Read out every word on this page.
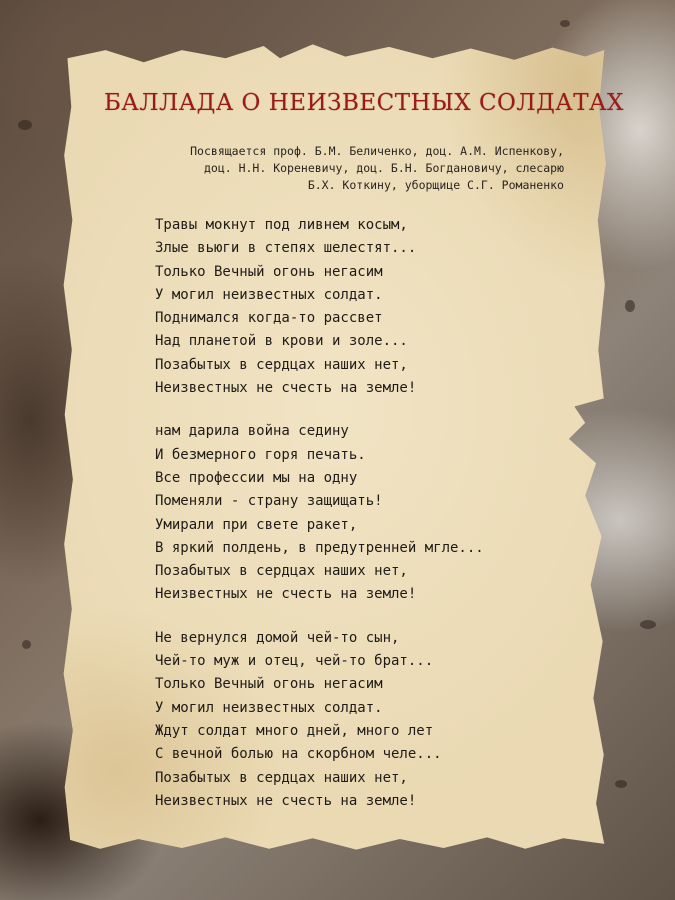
БАЛЛАДА О НЕИЗВЕСТНЫХ СОЛДАТАХ
Посвящается проф. Б.М. Беличенко, доц. А.М. Испенкову,
доц. Н.Н. Кореневичу, доц. Б.Н. Богдановичу, слесарю
Б.Х. Коткину, уборщице С.Г. Романенко
Травы мокнут под ливнем косым,
Злые вьюги в степях шелестят...
Только Вечный огонь негасим
У могил неизвестных солдат.
Поднимался когда-то рассвет
Над планетой в крови и золе...
Позабытых в сердцах наших нет,
Неизвестных не счесть на земле!
нам дарила война седину
И безмерного горя печать.
Все профессии мы на одну
Поменяли - страну защищать!
Умирали при свете ракет,
В яркий полдень, в предутренней мгле...
Позабытых в сердцах наших нет,
Неизвестных не счесть на земле!
Не вернулся домой чей-то сын,
Чей-то муж и отец, чей-то брат...
Только Вечный огонь негасим
У могил неизвестных солдат.
Ждут солдат много дней, много лет
С вечной болью на скорбном челе...
Позабытых в сердцах наших нет,
Неизвестных не счесть на земле!
